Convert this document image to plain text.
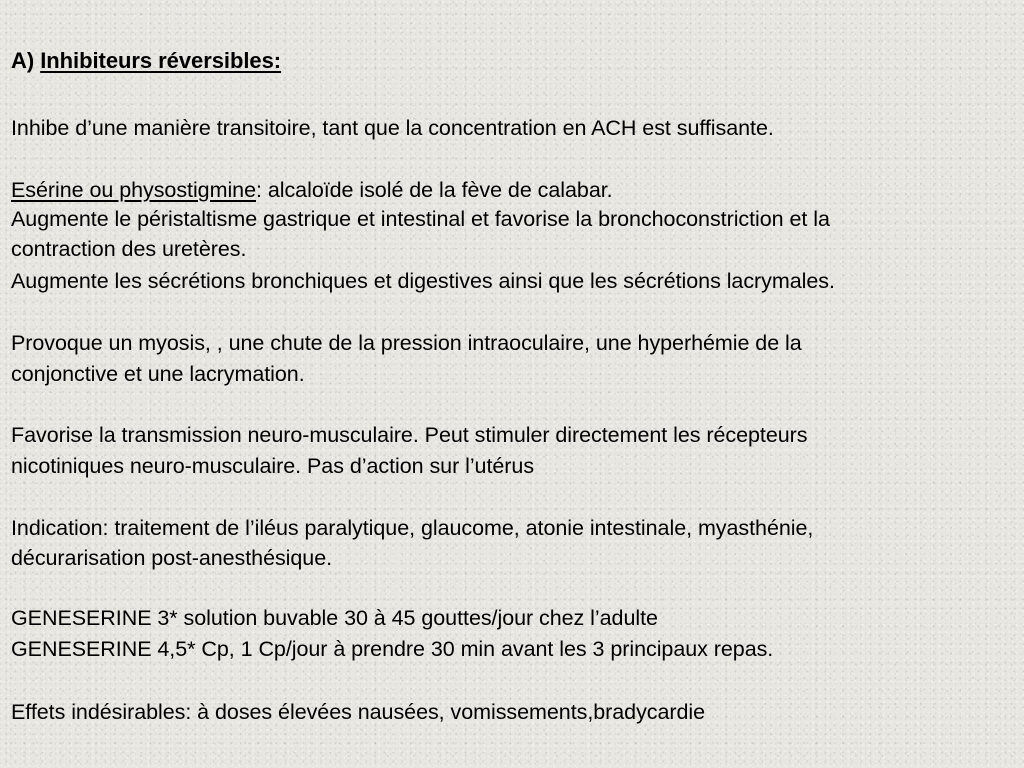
A) Inhibiteurs réversibles:
Inhibe d’une manière transitoire, tant que la concentration en ACH est suffisante.
Esérine ou physostigmine: alcaloïde isolé de la fève de calabar.
Augmente le péristaltisme gastrique et intestinal et favorise la bronchoconstriction et la
contraction des uretères.
Augmente les sécrétions bronchiques et digestives ainsi que les sécrétions lacrymales.
Provoque un myosis, , une chute de la pression intraoculaire, une hyperhémie de la
conjonctive et une lacrymation.
Favorise la transmission neuro-musculaire. Peut stimuler directement les récepteurs
nicotiniques neuro-musculaire. Pas d’action sur l’utérus
Indication: traitement de l’iléus paralytique, glaucome, atonie intestinale, myasthénie,
décurarisation post-anesthésique.
GENESERINE 3* solution buvable 30 à 45 gouttes/jour chez l’adulte
GENESERINE 4,5* Cp, 1 Cp/jour à prendre 30 min avant les 3 principaux repas.
Effets indésirables: à doses élevées nausées, vomissements,bradycardie
